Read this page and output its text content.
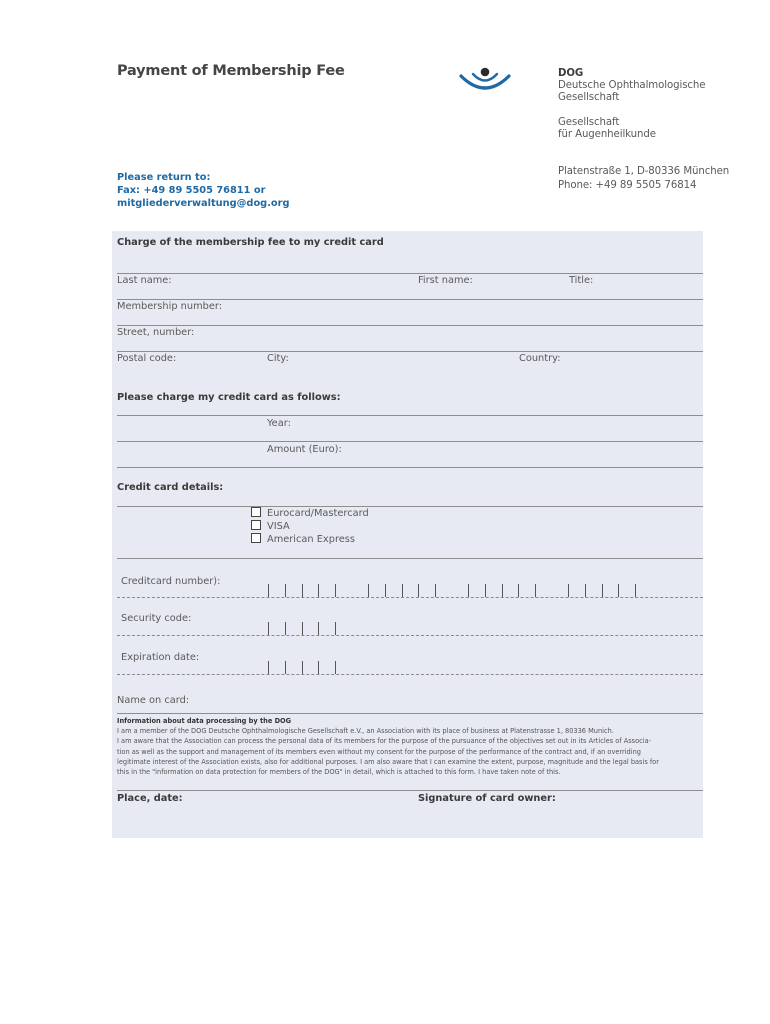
Payment of Membership Fee	DOG
Deutsche Ophthalmologische
Gesellschaft
Gesellschaft
für Augenheilkunde
Platenstraße 1, D-80336 München
Phone: +49 89 5505 76814
Please return to:
Fax: +49 89 5505 76811 or
mitgliederverwaltung@dog.org
Charge of the membership fee to my credit card
Last name:	First name:	Title:
Membership number:
Street, number:
Postal code:	City:	Country:
Please charge my credit card as follows:
Year:
Amount (Euro):
Credit card details:
Eurocard/Mastercard
VISA
American Express
Creditcard number):
Security code:
Expiration date:
Name on card:
Information about data processing by the DOG
I am a member of the DOG Deutsche Ophthalmologische Gesellschaft e.V., an Association with its place of business at Platenstrasse 1, 80336 Munich.
I am aware that the Association can process the personal data of its members for the purpose of the pursuance of the objectives set out in its Articles of Associa-
tion as well as the support and management of its members even without my consent for the purpose of the performance of the contract and, if an overriding
legitimate interest of the Association exists, also for additional purposes. I am also aware that I can examine the extent, purpose, magnitude and the legal basis for
this in the "information on data protection for members of the DOG" in detail, which is attached to this form. I have taken note of this.
Place, date:	Signature of card owner:
